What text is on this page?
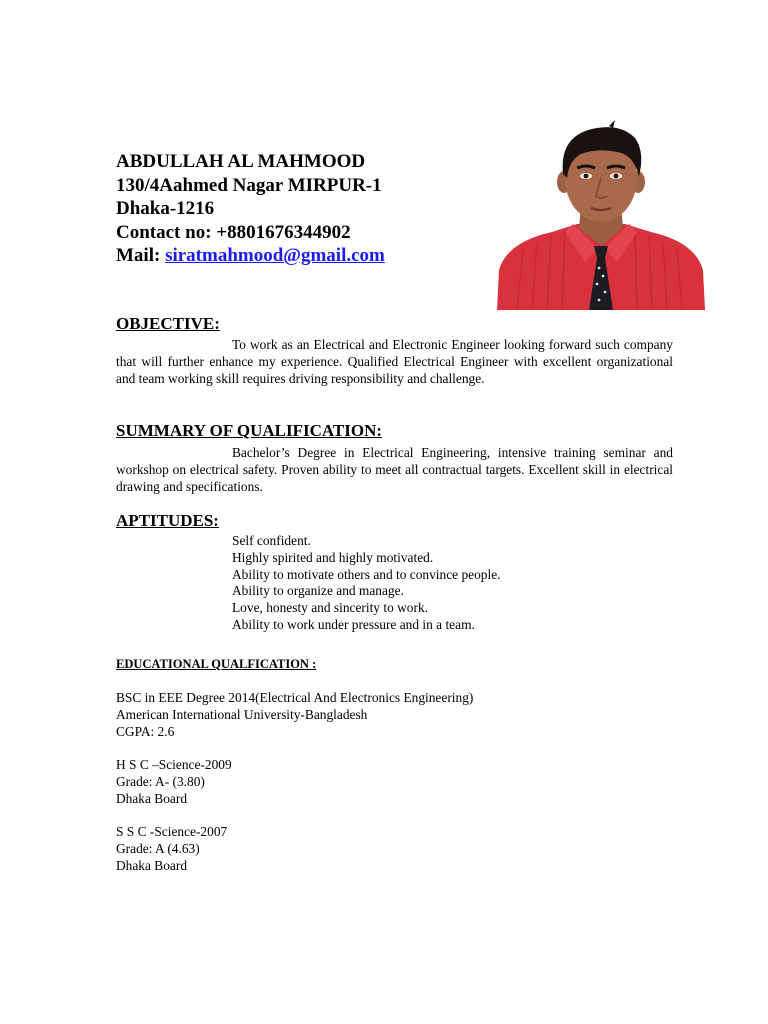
ABDULLAH AL MAHMOOD
130/4Aahmed Nagar MIRPUR-1
Dhaka-1216
Contact no: +8801676344902
Mail: siratmahmood@gmail.com
OBJECTIVE:
To work as an Electrical and Electronic Engineer looking forward such company that will further enhance my experience. Qualified Electrical Engineer with excellent organizational and team working skill requires driving responsibility and challenge.
SUMMARY OF QUALIFICATION:
Bachelor’s Degree in Electrical Engineering, intensive training seminar and workshop on electrical safety. Proven ability to meet all contractual targets. Excellent skill in electrical drawing and specifications.
APTITUDES:
Self confident.
Highly spirited and highly motivated.
Ability to motivate others and to convince people.
Ability to organize and manage.
Love, honesty and sincerity to work.
Ability to work under pressure and in a team.
EDUCATIONAL QUALFICATION :
BSC in EEE Degree 2014(Electrical And Electronics Engineering)
American International University-Bangladesh
CGPA: 2.6
H S C –Science-2009
Grade: A- (3.80)
Dhaka Board
S S C -Science-2007
Grade: A (4.63)
Dhaka Board
